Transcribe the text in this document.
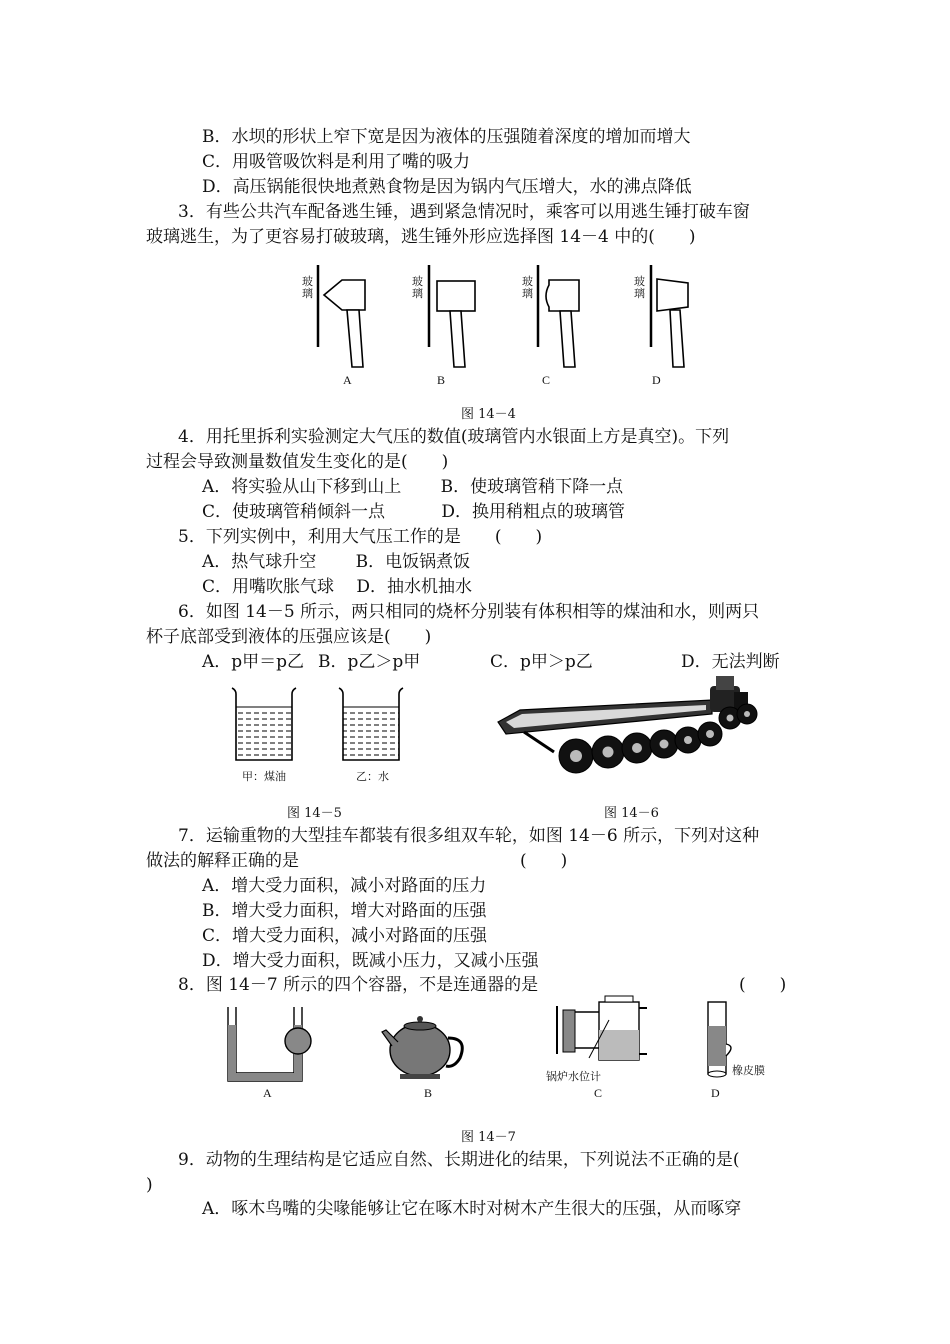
B．水坝的形状上窄下宽是因为液体的压强随着深度的增加而增大
C．用吸管吸饮料是利用了嘴的吸力
D．高压锅能很快地煮熟食物是因为锅内气压增大，水的沸点降低
3．有些公共汽车配备逃生锤，遇到紧急情况时，乘客可以用逃生锤打破车窗
玻璃逃生，为了更容易打破玻璃，逃生锤外形应选择图 14－4 中的(　　)
玻璃
A
玻璃
B
玻璃
C
玻璃
D
图 14－4
4．用托里拆利实验测定大气压的数值(玻璃管内水银面上方是真空)。下列
过程会导致测量数值发生变化的是(　　)
A．将实验从山下移到山上　　 B．使玻璃管稍下降一点
C．使玻璃管稍倾斜一点　　　 D．换用稍粗点的玻璃管
5．下列实例中，利用大气压工作的是　　(　　)
A．热气球升空　　 B．电饭锅煮饭
C．用嘴吹胀气球　 D．抽水机抽水
6．如图 14－5 所示，两只相同的烧杯分别装有体积相等的煤油和水，则两只
杯子底部受到液体的压强应该是(　　)
A．p甲＝p乙 B．p乙＞p甲	C．p甲＞p乙	D．无法判断
甲：煤油	乙：水
图 14－5	图 14－6
7．运输重物的大型挂车都装有很多组双车轮，如图 14－6 所示，下列对这种
做法的解释正确的是　　　　　　　　　　　　　(　　)
A．增大受力面积，减小对路面的压力
B．增大受力面积，增大对路面的压强
C．增大受力面积，减小对路面的压强
D．增大受力面积，既减小压力，又减小压强
8．图 14－7 所示的四个容器，不是连通器的是	(　　)
A	B
锅炉水位计
C
橡皮膜
D
图 14－7
9．动物的生理结构是它适应自然、长期进化的结果，下列说法不正确的是(
)
A．啄木鸟嘴的尖喙能够让它在啄木时对树木产生很大的压强，从而啄穿
